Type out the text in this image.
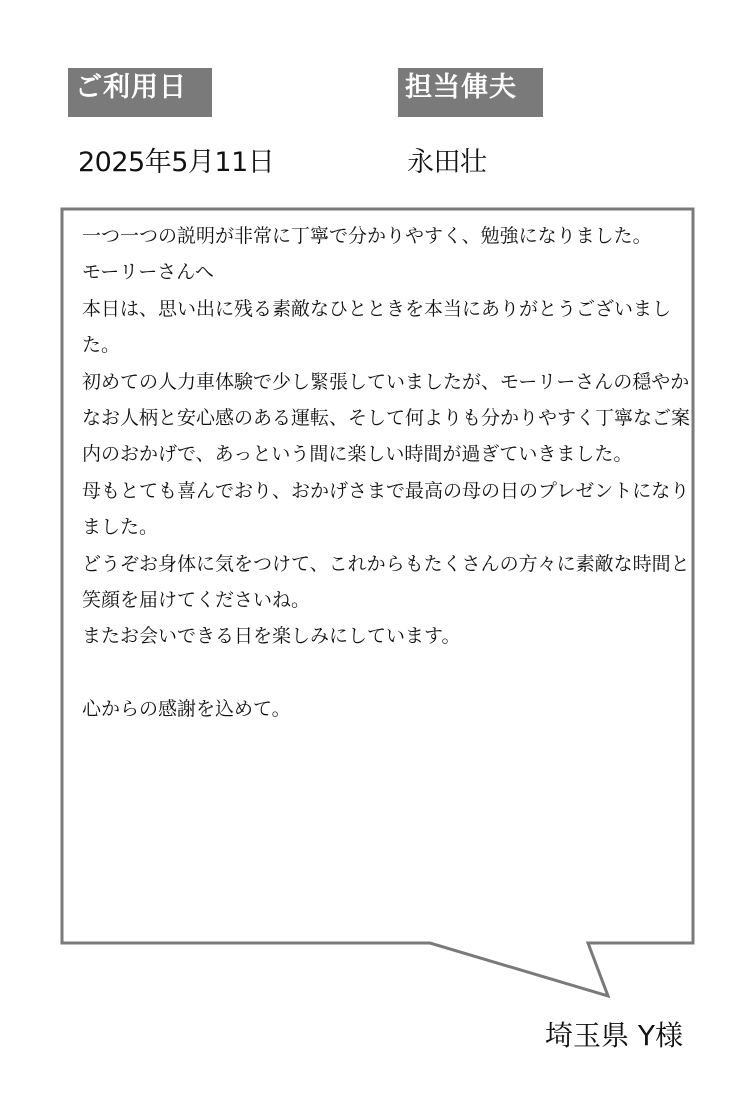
ご利用日	担当俥夫
2025年5月11日	永田壮

一つ一つの説明が非常に丁寧で分かりやすく、勉強になりました。

モーリーさんへ

本日は、思い出に残る素敵なひとときを本当にありがとうございました。

初めての人力車体験で少し緊張していましたが、モーリーさんの穏やかなお人柄と安心感のある運転、そして何よりも分かりやすく丁寧なご案内のおかげで、あっという間に楽しい時間が過ぎていきました。

母もとても喜んでおり、おかげさまで最高の母の日のプレゼントになりました。

どうぞお身体に気をつけて、これからもたくさんの方々に素敵な時間と笑顔を届けてくださいね。

またお会いできる日を楽しみにしています。

心からの感謝を込めて。

埼玉県 Y様
